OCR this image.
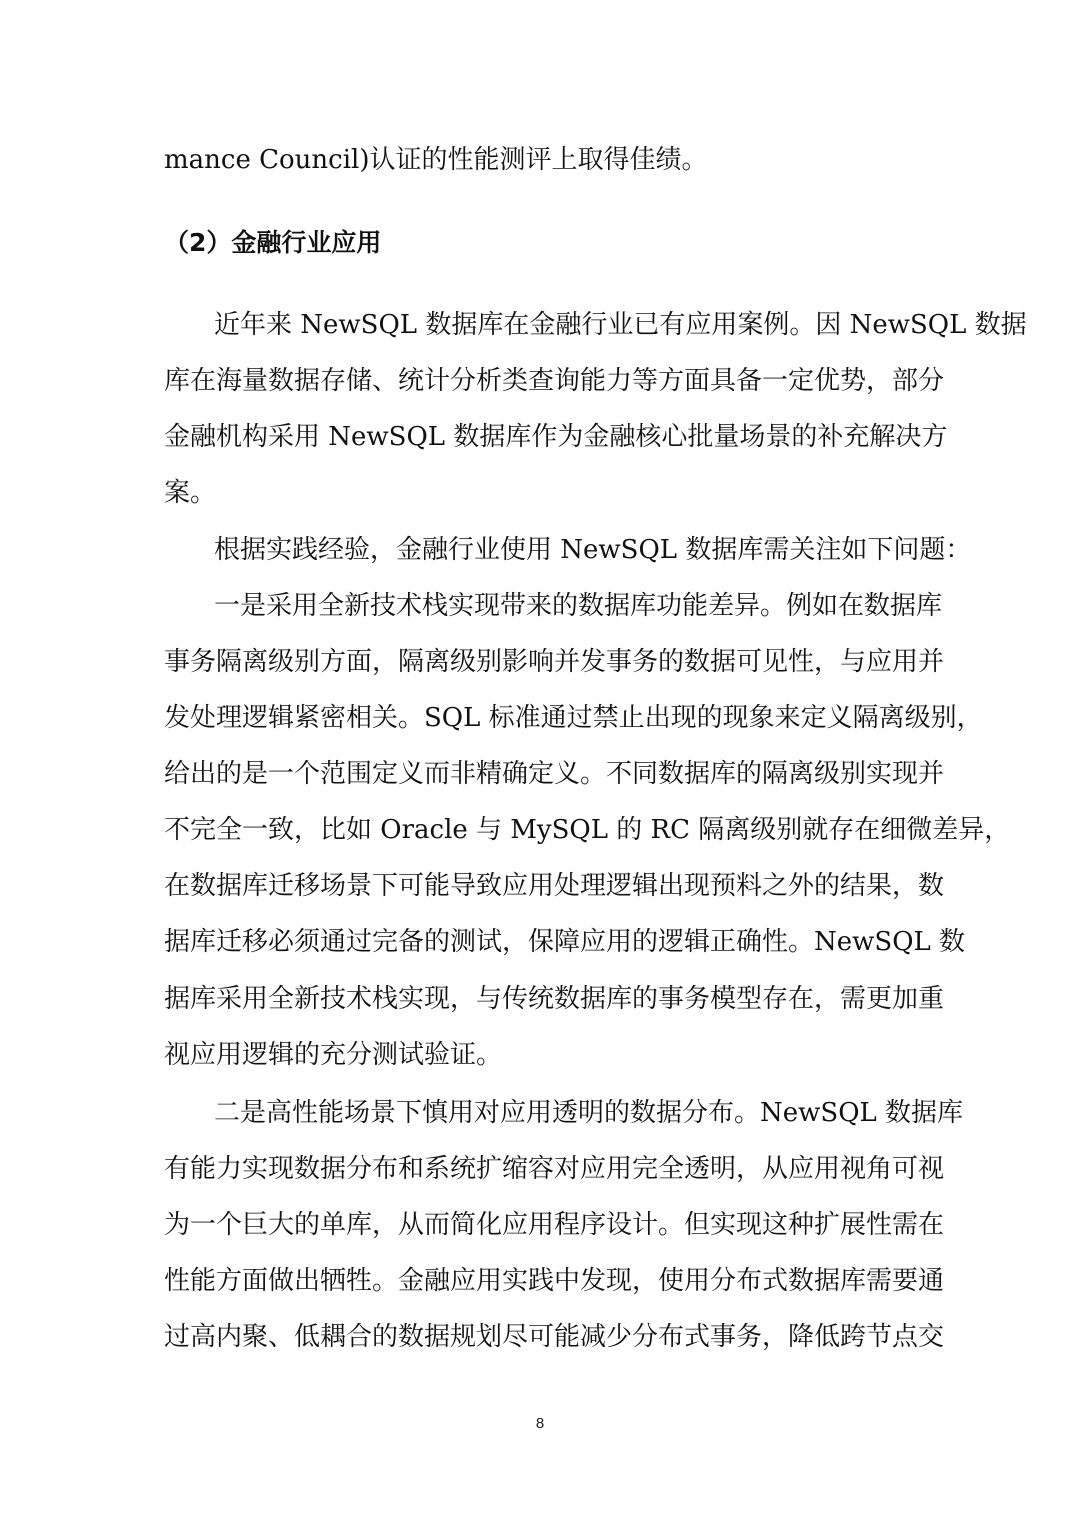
mance Council)认证的性能测评上取得佳绩。
（2）金融行业应用
近年来 NewSQL 数据库在金融行业已有应用案例。因 NewSQL 数据
库在海量数据存储、统计分析类查询能力等方面具备一定优势，部分
金融机构采用 NewSQL 数据库作为金融核心批量场景的补充解决方
案。
根据实践经验，金融行业使用 NewSQL 数据库需关注如下问题：
一是采用全新技术栈实现带来的数据库功能差异。例如在数据库
事务隔离级别方面，隔离级别影响并发事务的数据可见性，与应用并
发处理逻辑紧密相关。SQL 标准通过禁止出现的现象来定义隔离级别，
给出的是一个范围定义而非精确定义。不同数据库的隔离级别实现并
不完全一致，比如 Oracle 与 MySQL 的 RC 隔离级别就存在细微差异，
在数据库迁移场景下可能导致应用处理逻辑出现预料之外的结果，数
据库迁移必须通过完备的测试，保障应用的逻辑正确性。NewSQL 数
据库采用全新技术栈实现，与传统数据库的事务模型存在，需更加重
视应用逻辑的充分测试验证。
二是高性能场景下慎用对应用透明的数据分布。NewSQL 数据库
有能力实现数据分布和系统扩缩容对应用完全透明，从应用视角可视
为一个巨大的单库，从而简化应用程序设计。但实现这种扩展性需在
性能方面做出牺牲。金融应用实践中发现，使用分布式数据库需要通
过高内聚、低耦合的数据规划尽可能减少分布式事务，降低跨节点交
8
